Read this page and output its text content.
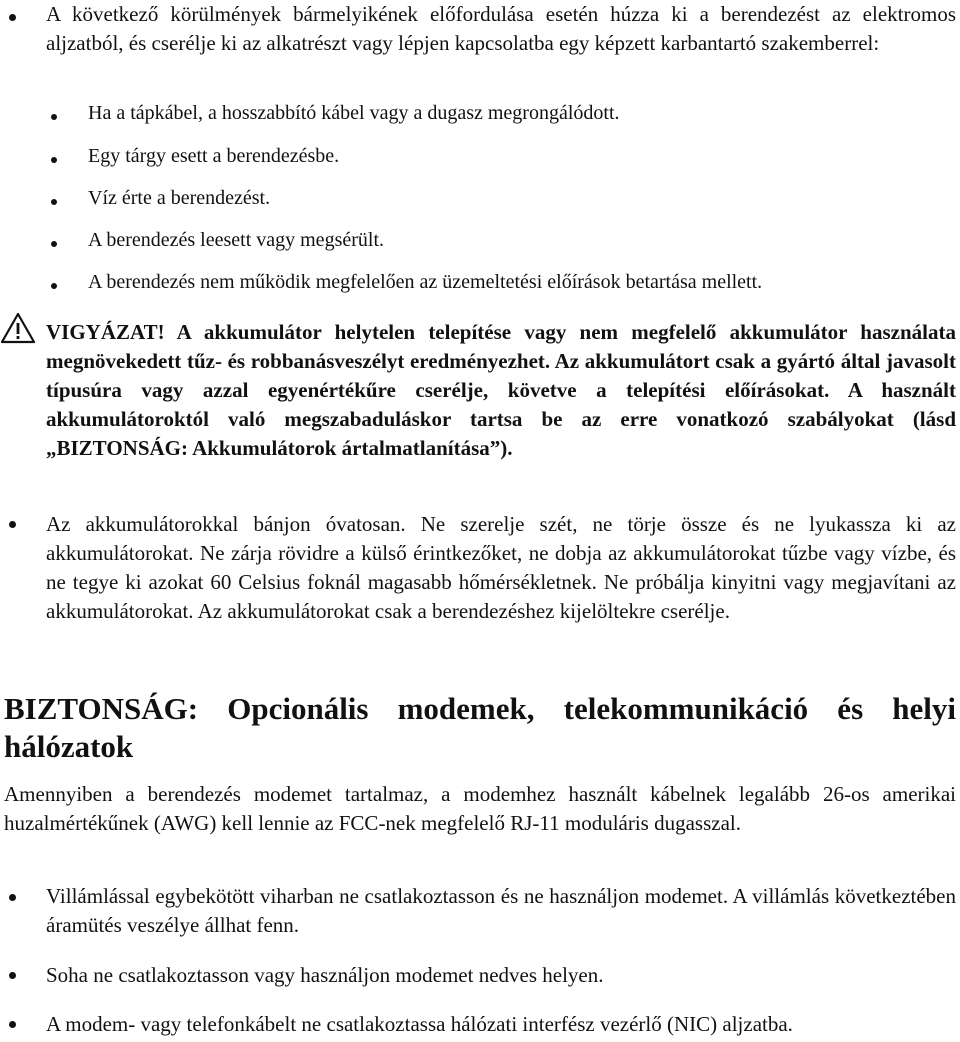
A következő körülmények bármelyikének előfordulása esetén húzza ki a berendezést az elektromos aljzatból, és cserélje ki az alkatrészt vagy lépjen kapcsolatba egy képzett karbantartó szakemberrel:
Ha a tápkábel, a hosszabbító kábel vagy a dugasz megrongálódott.
Egy tárgy esett a berendezésbe.
Víz érte a berendezést.
A berendezés leesett vagy megsérült.
A berendezés nem működik megfelelően az üzemeltetési előírások betartása mellett.
VIGYÁZAT! A akkumulátor helytelen telepítése vagy nem megfelelő akkumulátor használata megnövekedett tűz- és robbanásveszélyt eredményezhet. Az akkumulátort csak a gyártó által javasolt típusúra vagy azzal egyenértékűre cserélje, követve a telepítési előírásokat. A használt akkumulátoroktól való megszabaduláskor tartsa be az erre vonatkozó szabályokat (lásd „BIZTONSÁG: Akkumulátorok ártalmatlanítása”).
Az akkumulátorokkal bánjon óvatosan. Ne szerelje szét, ne törje össze és ne lyukassza ki az akkumulátorokat. Ne zárja rövidre a külső érintkezőket, ne dobja az akkumulátorokat tűzbe vagy vízbe, és ne tegye ki azokat 60 Celsius foknál magasabb hőmérsékletnek. Ne próbálja kinyitni vagy megjavítani az akkumulátorokat. Az akkumulátorokat csak a berendezéshez kijelöltekre cserélje.
BIZTONSÁG: Opcionális modemek, telekommunikáció és helyi hálózatok
Amennyiben a berendezés modemet tartalmaz, a modemhez használt kábelnek legalább 26-os amerikai huzalmértékűnek (AWG) kell lennie az FCC-nek megfelelő RJ-11 moduláris dugasszal.
Villámlással egybekötött viharban ne csatlakoztasson és ne használjon modemet. A villámlás következtében áramütés veszélye állhat fenn.
Soha ne csatlakoztasson vagy használjon modemet nedves helyen.
A modem- vagy telefonkábelt ne csatlakoztassa hálózati interfész vezérlő (NIC) aljzatba.
